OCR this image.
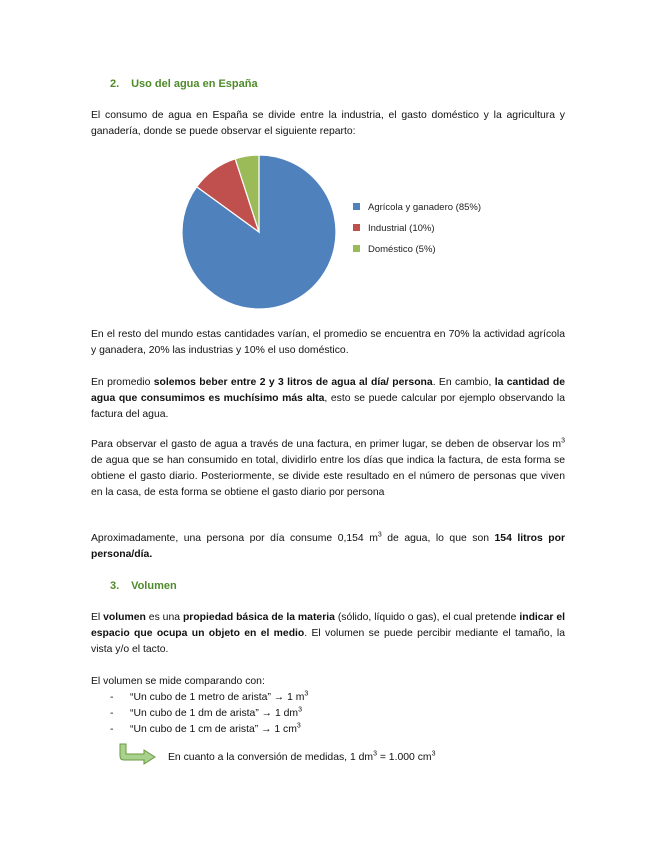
2. Uso del agua en España

El consumo de agua en España se divide entre la industria, el gasto doméstico y la agricultura y ganadería, donde se puede observar el siguiente reparto:

Agrícola y ganadero (85%)
Industrial (10%)
Doméstico (5%)

En el resto del mundo estas cantidades varían, el promedio se encuentra en 70% la actividad agrícola y ganadera, 20% las industrias y 10% el uso doméstico.

En promedio solemos beber entre 2 y 3 litros de agua al día/ persona. En cambio, la cantidad de agua que consumimos es muchísimo más alta, esto se puede calcular por ejemplo observando la factura del agua.

Para observar el gasto de agua a través de una factura, en primer lugar, se deben de observar los $m^3$ de agua que se han consumido en total, dividirlo entre los días que indica la factura, de esta forma se obtiene el gasto diario. Posteriormente, se divide este resultado en el número de personas que viven en la casa, de esta forma se obtiene el gasto diario por persona

Aproximadamente, una persona por día consume 0,154 $m^3$ de agua, lo que son 154 litros por persona/día.

3. Volumen

El volumen es una propiedad básica de la materia (sólido, líquido o gas), el cual pretende indicar el espacio que ocupa un objeto en el medio. El volumen se puede percibir mediante el tamaño, la vista y/o el tacto.

El volumen se mide comparando con:

- “Un cubo de 1 metro de arista” → 1 $m^3$
- “Un cubo de 1 dm de arista” → 1 $dm^3$
- “Un cubo de 1 cm de arista” → 1 $cm^3$
En cuanto a la conversión de medidas, 1 $dm^3 = 1.000$ $cm^3$
